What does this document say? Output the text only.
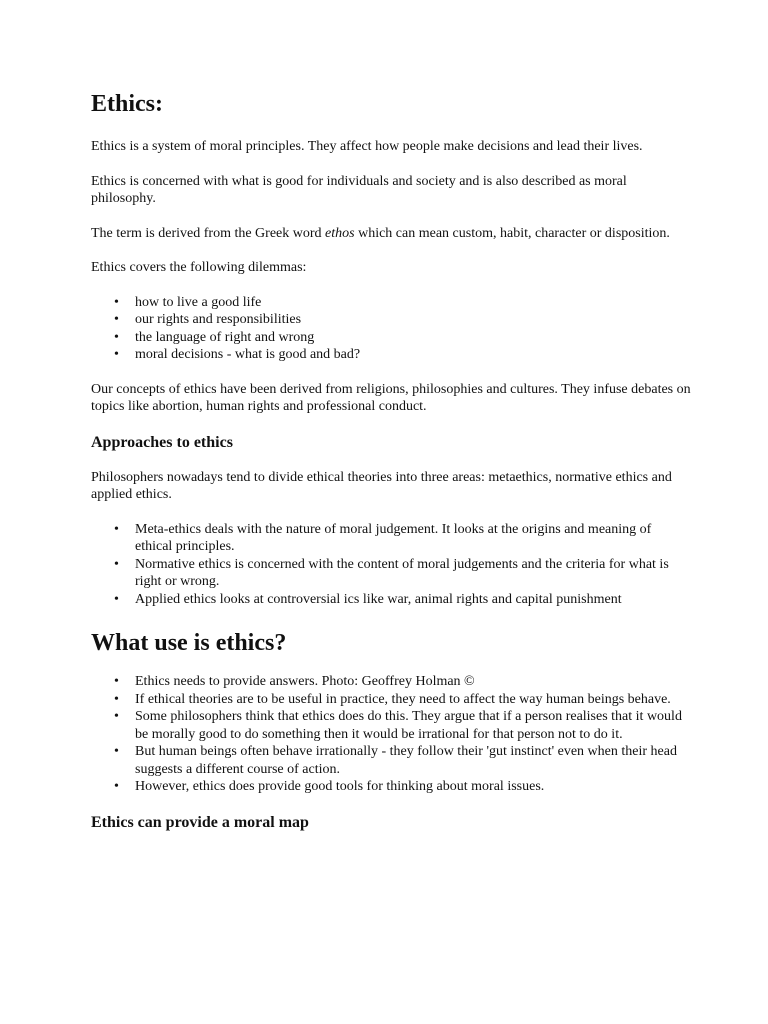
Ethics:

Ethics is a system of moral principles. They affect how people make decisions and lead their lives.

Ethics is concerned with what is good for individuals and society and is also described as moral philosophy.

The term is derived from the Greek word ethos which can mean custom, habit, character or disposition.

Ethics covers the following dilemmas:

• how to live a good life
• our rights and responsibilities
• the language of right and wrong
• moral decisions - what is good and bad?

Our concepts of ethics have been derived from religions, philosophies and cultures. They infuse debates on topics like abortion, human rights and professional conduct.

Approaches to ethics

Philosophers nowadays tend to divide ethical theories into three areas: metaethics, normative ethics and applied ethics.

• Meta-ethics deals with the nature of moral judgement. It looks at the origins and meaning of ethical principles.
• Normative ethics is concerned with the content of moral judgements and the criteria for what is right or wrong.
• Applied ethics looks at controversial ics like war, animal rights and capital punishment
What use is ethics?
• Ethics needs to provide answers. Photo: Geoffrey Holman ©
• If ethical theories are to be useful in practice, they need to affect the way human beings behave.
• Some philosophers think that ethics does do this. They argue that if a person realises that it would be morally good to do something then it would be irrational for that person not to do it.
• But human beings often behave irrationally - they follow their 'gut instinct' even when their head suggests a different course of action.
• However, ethics does provide good tools for thinking about moral issues.
Ethics can provide a moral map
